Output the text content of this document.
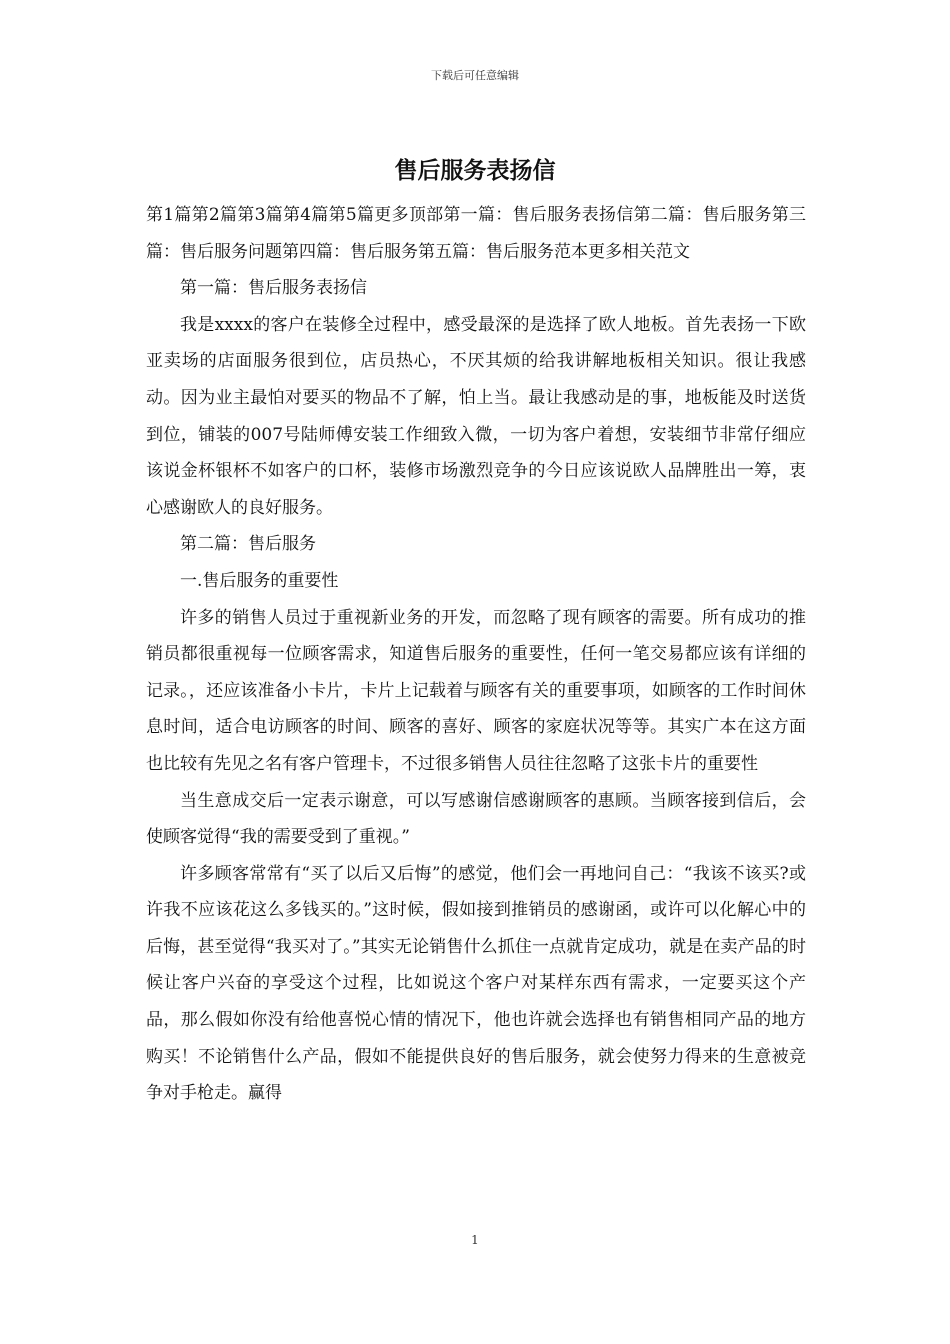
下载后可任意编辑
售后服务表扬信

第1篇第2篇第3篇第4篇第5篇更多顶部第一篇：售后服务表扬信第二篇：售后服务第三篇：售后服务问题第四篇：售后服务第五篇：售后服务范本更多相关范文

第一篇：售后服务表扬信

我是xxxx的客户在装修全过程中，感受最深的是选择了欧人地板。首先表扬一下欧亚卖场的店面服务很到位，店员热心，不厌其烦的给我讲解地板相关知识。很让我感动。因为业主最怕对要买的物品不了解，怕上当。最让我感动是的事，地板能及时送货到位，铺装的007号陆师傅安装工作细致入微，一切为客户着想，安装细节非常仔细应该说金杯银杯不如客户的口杯，装修市场激烈竞争的今日应该说欧人品牌胜出一筹，衷心感谢欧人的良好服务。

第二篇：售后服务

一.售后服务的重要性

许多的销售人员过于重视新业务的开发，而忽略了现有顾客的需要。所有成功的推销员都很重视每一位顾客需求，知道售后服务的重要性，任何一笔交易都应该有详细的记录。，还应该准备小卡片，卡片上记载着与顾客有关的重要事项，如顾客的工作时间休息时间，适合电访顾客的时间、顾客的喜好、顾客的家庭状况等等。其实广本在这方面也比较有先见之名有客户管理卡，不过很多销售人员往往忽略了这张卡片的重要性

当生意成交后一定表示谢意，可以写感谢信感谢顾客的惠顾。当顾客接到信后，会使顾客觉得“我的需要受到了重视。”

许多顾客常常有“买了以后又后悔”的感觉，他们会一再地问自己：“我该不该买?或许我不应该花这么多钱买的。”这时候，假如接到推销员的感谢函，或许可以化解心中的后悔，甚至觉得“我买对了。”其实无论销售什么抓住一点就肯定成功，就是在卖产品的时候让客户兴奋的享受这个过程，比如说这个客户对某样东西有需求，一定要买这个产品，那么假如你没有给他喜悦心情的情况下，他也许就会选择也有销售相同产品的地方购买！不论销售什么产品，假如不能提供良好的售后服务，就会使努力得来的生意被竞争对手枪走。赢得

1
